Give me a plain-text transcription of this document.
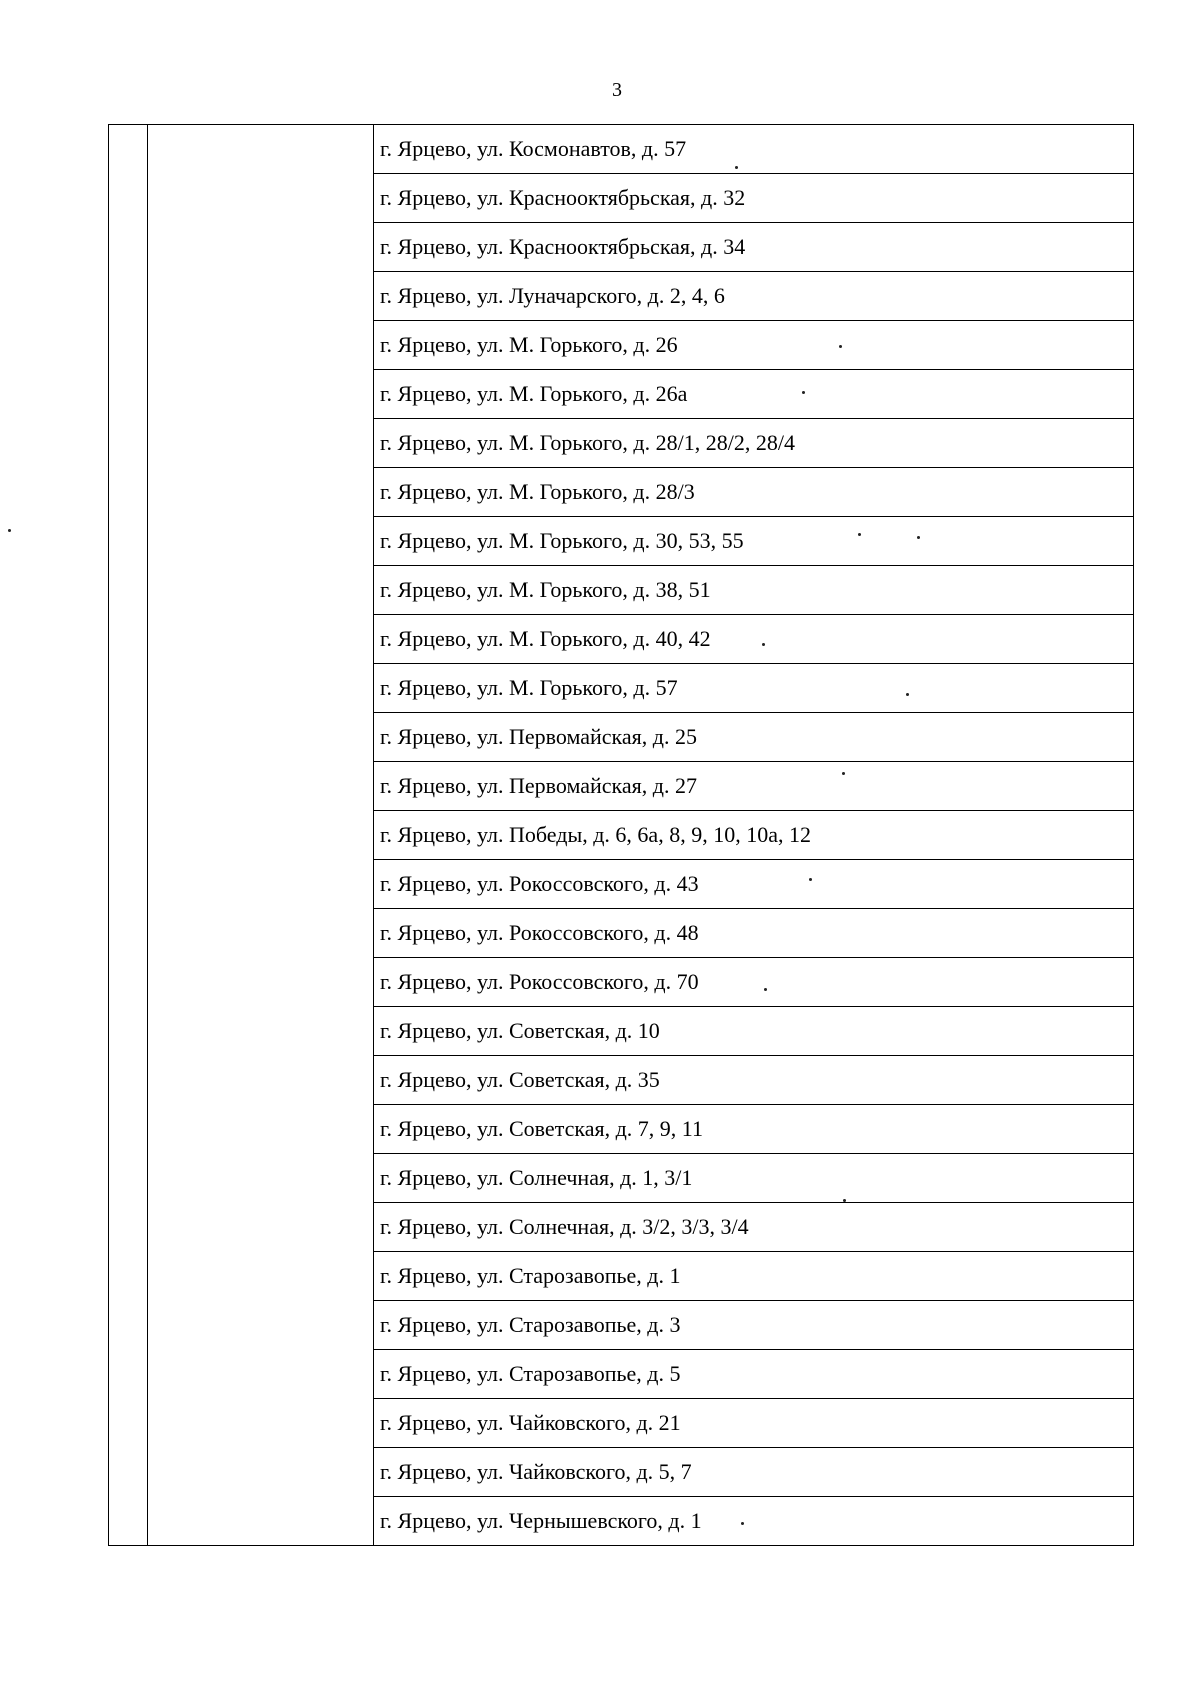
3
		г. Ярцево, ул. Космонавтов, д. 57
г. Ярцево, ул. Краснооктябрьская, д. 32
г. Ярцево, ул. Краснооктябрьская, д. 34
г. Ярцево, ул. Луначарского, д. 2, 4, 6
г. Ярцево, ул. М. Горького, д. 26
г. Ярцево, ул. М. Горького, д. 26а
г. Ярцево, ул. М. Горького, д. 28/1, 28/2, 28/4
г. Ярцево, ул. М. Горького, д. 28/3
г. Ярцево, ул. М. Горького, д. 30, 53, 55
г. Ярцево, ул. М. Горького, д. 38, 51
г. Ярцево, ул. М. Горького, д. 40, 42
г. Ярцево, ул. М. Горького, д. 57
г. Ярцево, ул. Первомайская, д. 25
г. Ярцево, ул. Первомайская, д. 27
г. Ярцево, ул. Победы, д. 6, 6а, 8, 9, 10, 10а, 12
г. Ярцево, ул. Рокоссовского, д. 43
г. Ярцево, ул. Рокоссовского, д. 48
г. Ярцево, ул. Рокоссовского, д. 70
г. Ярцево, ул. Советская, д. 10
г. Ярцево, ул. Советская, д. 35
г. Ярцево, ул. Советская, д. 7, 9, 11
г. Ярцево, ул. Солнечная, д. 1, 3/1
г. Ярцево, ул. Солнечная, д. 3/2, 3/3, 3/4
г. Ярцево, ул. Старозавопье, д. 1
г. Ярцево, ул. Старозавопье, д. 3
г. Ярцево, ул. Старозавопье, д. 5
г. Ярцево, ул. Чайковского, д. 21
г. Ярцево, ул. Чайковского, д. 5, 7
г. Ярцево, ул. Чернышевского, д. 1
